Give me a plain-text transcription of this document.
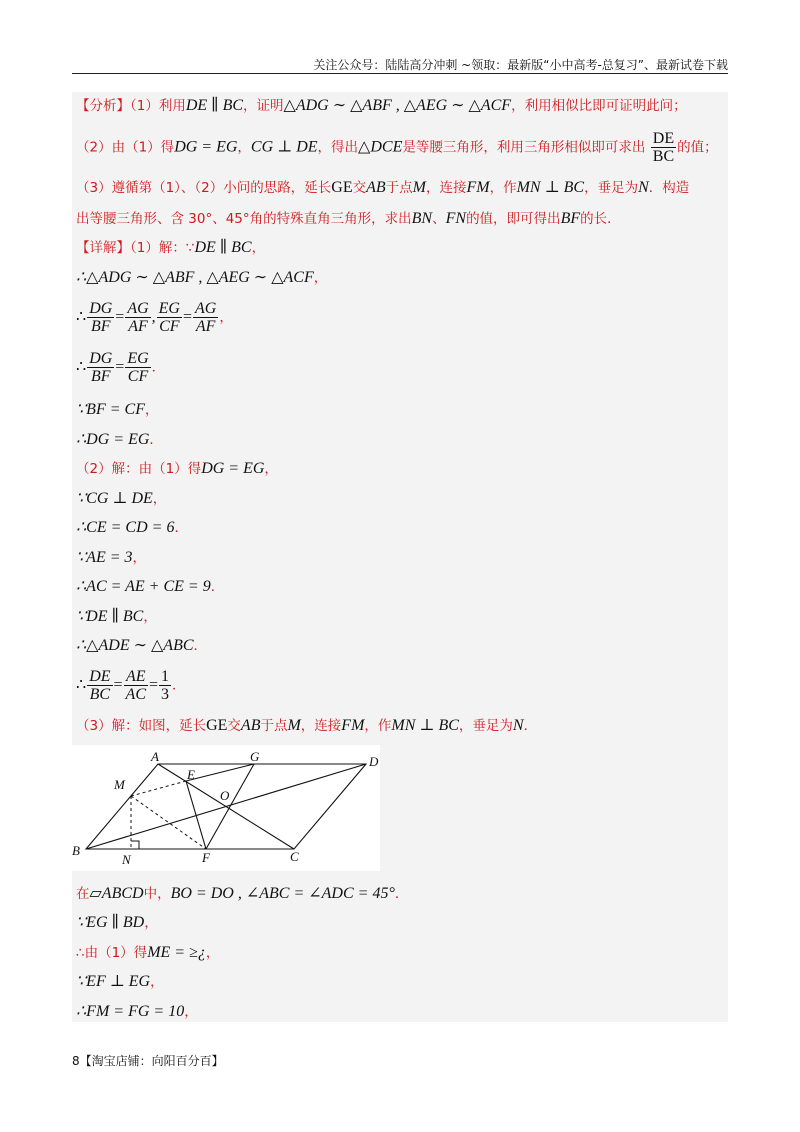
关注公众号：陆陆高分冲刺 ~领取：最新版“小中高考-总复习”、最新试卷下载
【分析】（1）利用DE ∥ BC，证明△ADG ∼ △ABF , △AEG ∼ △ACF，利用相似比即可证明此问；
（2）由（1）得DG = EG，CG ⊥ DE，得出△DCE是等腰三角形，利用三角形相似即可求出 $\frac{DE}{BC}$ 的值；
（3）遵循第（1）、（2）小问的思路，延长GE交AB于点M，连接FM，作MN ⊥ BC，垂足为N．构造
出等腰三角形、含 30°、45°角的特殊直角三角形，求出BN、FN的值，即可得出BF的长．
【详解】（1）解：∵DE ∥ BC，
∴△ADG ∼ △ABF , △AEG ∼ △ACF，
∴ $\frac{DG}{BF} = \frac{AG}{AF}$ , $\frac{EG}{CF} = \frac{AG}{AF}$ ，
∴ $\frac{DG}{BF} = \frac{EG}{CF}$ ．
∵BF = CF，
∴DG = EG．
（2）解：由（1）得DG = EG，
∵CG ⊥ DE，
∴CE = CD = 6．
∵AE = 3，
∴AC = AE + CE = 9．
∵DE ∥ BC，
∴△ADE ∼ △ABC．
∴ $\frac{DE}{BC} = \frac{AE}{AC} = \frac{1}{3}$ ．
（3）解：如图，延长GE交AB于点M，连接FM，作MN ⊥ BC，垂足为N．
在▱ABCD中，BO = DO , ∠ABC = ∠ADC = 45°．
∵EG ∥ BD，
∴由（1）得ME = ≥¿，
∵EF ⊥ EG，
∴FM = FG = 10，
A	G	D
M
E
O
B
N	F	C
8【淘宝店铺：向阳百分百】
